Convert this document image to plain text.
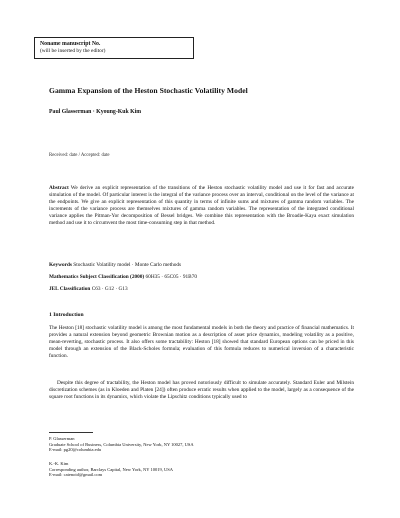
Noname manuscript No.
(will be inserted by the editor)
Gamma Expansion of the Heston Stochastic Volatility Model
Paul Glasserman · Kyoung-Kuk Kim
Received: date / Accepted: date
Abstract We derive an explicit representation of the transitions of the Heston stochastic volatility model and use it for fast and accurate simulation of the model. Of particular interest is the integral of the variance process over an interval, conditional on the level of the variance at the endpoints. We give an explicit representation of this quantity in terms of infinite sums and mixtures of gamma random variables. The increments of the variance process are themselves mixtures of gamma random variables. The representation of the integrated conditional variance applies the Pitman-Yor decomposition of Bessel bridges. We combine this representation with the Broadie-Kaya exact simulation method and use it to circumvent the most time-consuming step in that method.
Keywords Stochastic Volatility model · Monte Carlo methods
Mathematics Subject Classification (2000) 60H35 · 65C05 · 91B70
JEL Classification C63 · G12 · G13
1 Introduction
The Heston [18] stochastic volatility model is among the most fundamental models in both the theory and practice of financial mathematics. It provides a natural extension beyond geometric Brownian motion as a description of asset price dynamics, modeling volatility as a positive, mean-reverting, stochastic process. It also offers some tractability: Heston [18] showed that standard European options can be priced in this model through an extension of the Black-Scholes formula; evaluation of this formula reduces to numerical inversion of a characteristic function.

Despite this degree of tractability, the Heston model has proved notoriously difficult to simulate accurately. Standard Euler and Milstein discretization schemes (as in Kloeden and Platen [24]) often produce erratic results when applied to the model, largely as a consequence of the square root functions in its dynamics, which violate the Lipschitz conditions typically used to

P. Glasserman
Graduate School of Business, Columbia University, New York, NY 10027, USA
E-mail: pg20@columbia.edu
K.-K. Kim
Corresponding author, Barclays Capital, New York, NY 10019, USA
E-mail: catenoid@gmail.com
